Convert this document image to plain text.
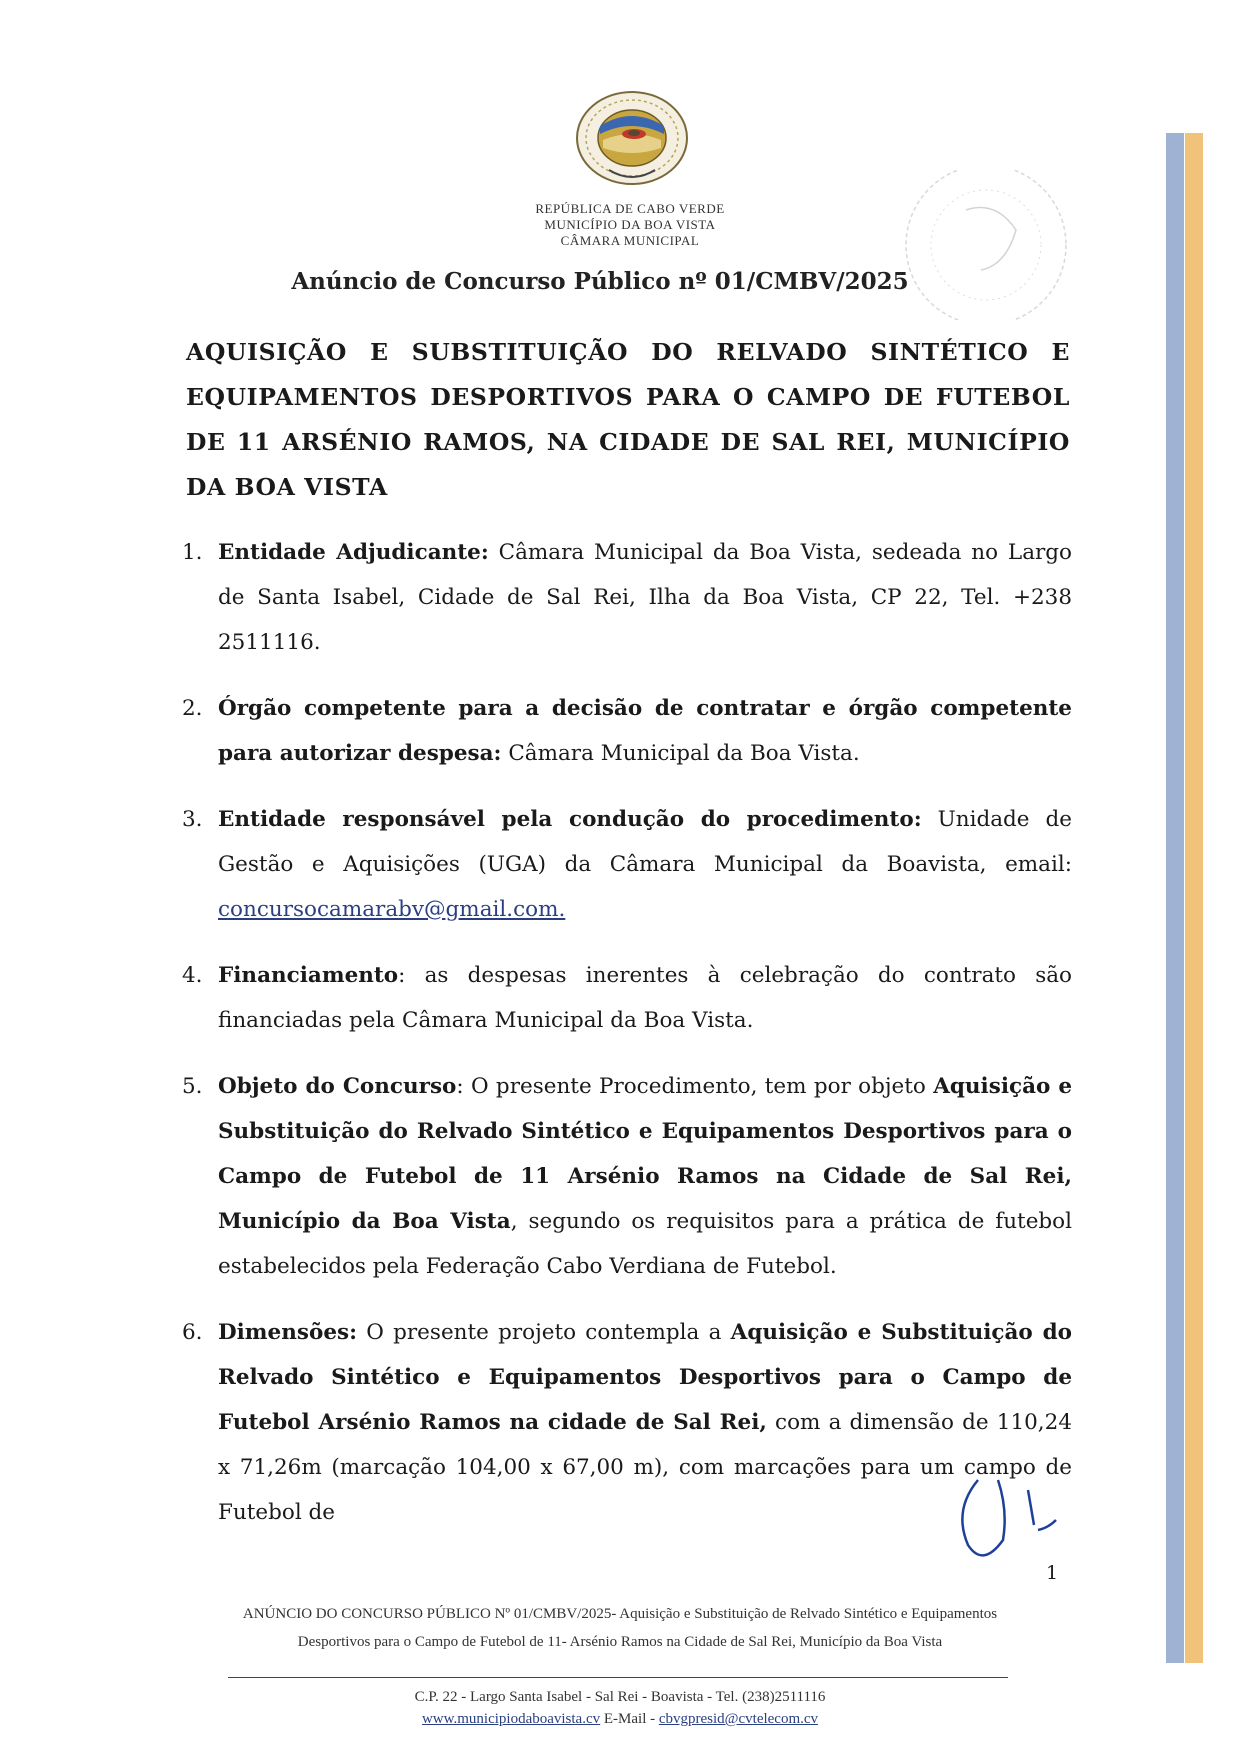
REPÚBLICA DE CABO VERDE
MUNICÍPIO DA BOA VISTA
CÂMARA MUNICIPAL
Anúncio de Concurso Público nº 01/CMBV/2025
AQUISIÇÃO E SUBSTITUIÇÃO DO RELVADO SINTÉTICO E EQUIPAMENTOS DESPORTIVOS PARA O CAMPO DE FUTEBOL DE 11 ARSÉNIO RAMOS, NA CIDADE DE SAL REI, MUNICÍPIO DA BOA VISTA
1. Entidade Adjudicante: Câmara Municipal da Boa Vista, sedeada no Largo de Santa Isabel, Cidade de Sal Rei, Ilha da Boa Vista, CP 22, Tel. +238 2511116.
2. Órgão competente para a decisão de contratar e órgão competente para autorizar despesa: Câmara Municipal da Boa Vista.
3. Entidade responsável pela condução do procedimento: Unidade de Gestão e Aquisições (UGA) da Câmara Municipal da Boavista, email: concursocamarabv@gmail.com.
4. Financiamento: as despesas inerentes à celebração do contrato são financiadas pela Câmara Municipal da Boa Vista.
5. Objeto do Concurso: O presente Procedimento, tem por objeto Aquisição e Substituição do Relvado Sintético e Equipamentos Desportivos para o Campo de Futebol de 11 Arsénio Ramos na Cidade de Sal Rei, Município da Boa Vista, segundo os requisitos para a prática de futebol estabelecidos pela Federação Cabo Verdiana de Futebol.
6. Dimensões: O presente projeto contempla a Aquisição e Substituição do Relvado Sintético e Equipamentos Desportivos para o Campo de Futebol Arsénio Ramos na cidade de Sal Rei, com a dimensão de 110,24 x 71,26m (marcação 104,00 x 67,00 m), com marcações para um campo de Futebol de
1
ANÚNCIO DO CONCURSO PÚBLICO Nº 01/CMBV/2025- Aquisição e Substituição de Relvado Sintético e Equipamentos
Desportivos para o Campo de Futebol de 11- Arsénio Ramos na Cidade de Sal Rei, Município da Boa Vista
C.P. 22 - Largo Santa Isabel - Sal Rei - Boavista - Tel. (238)2511116
www.municipiodaboavista.cv E-Mail - cbvgpresid@cvtelecom.cv
